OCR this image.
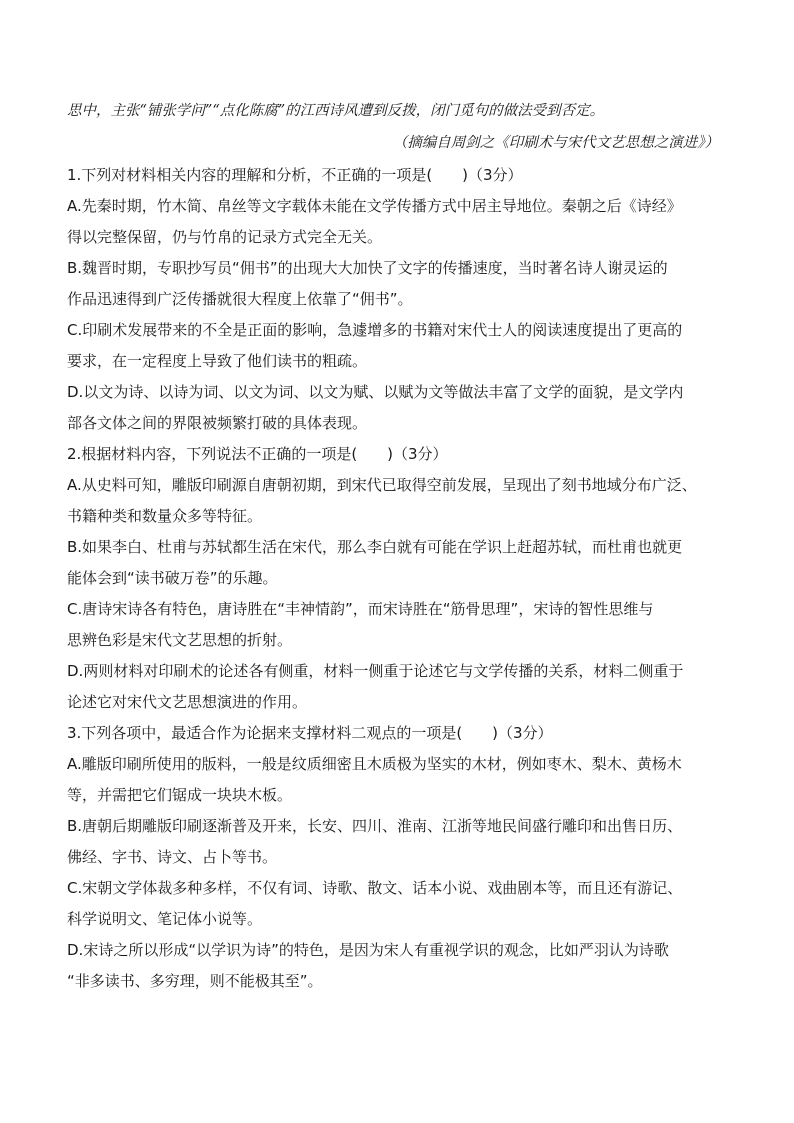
思中，主张“铺张学问”“点化陈腐”的江西诗风遭到反拨，闭门觅句的做法受到否定。
（摘编自周剑之《印刷术与宋代文艺思想之演进》）
1.下列对材料相关内容的理解和分析，不正确的一项是(　　)（3分）
A.先秦时期，竹木简、帛丝等文字载体未能在文学传播方式中居主导地位。秦朝之后《诗经》
得以完整保留，仍与竹帛的记录方式完全无关。
B.魏晋时期，专职抄写员“佣书”的出现大大加快了文字的传播速度，当时著名诗人谢灵运的
作品迅速得到广泛传播就很大程度上依靠了“佣书”。
C.印刷术发展带来的不全是正面的影响，急遽增多的书籍对宋代士人的阅读速度提出了更高的
要求，在一定程度上导致了他们读书的粗疏。
D.以文为诗、以诗为词、以文为词、以文为赋、以赋为文等做法丰富了文学的面貌，是文学内
部各文体之间的界限被频繁打破的具体表现。
2.根据材料内容，下列说法不正确的一项是(　　)（3分）
A.从史料可知，雕版印刷源自唐朝初期，到宋代已取得空前发展，呈现出了刻书地域分布广泛、
书籍种类和数量众多等特征。
B.如果李白、杜甫与苏轼都生活在宋代，那么李白就有可能在学识上赶超苏轼，而杜甫也就更
能体会到“读书破万卷”的乐趣。
C.唐诗宋诗各有特色，唐诗胜在“丰神情韵”，而宋诗胜在“筋骨思理”，宋诗的智性思维与
思辨色彩是宋代文艺思想的折射。
D.两则材料对印刷术的论述各有侧重，材料一侧重于论述它与文学传播的关系，材料二侧重于
论述它对宋代文艺思想演进的作用。
3.下列各项中，最适合作为论据来支撑材料二观点的一项是(　　)（3分）
A.雕版印刷所使用的版料，一般是纹质细密且木质极为坚实的木材，例如枣木、梨木、黄杨木
等，并需把它们锯成一块块木板。
B.唐朝后期雕版印刷逐渐普及开来，长安、四川、淮南、江浙等地民间盛行雕印和出售日历、
佛经、字书、诗文、占卜等书。
C.宋朝文学体裁多种多样，不仅有词、诗歌、散文、话本小说、戏曲剧本等，而且还有游记、
科学说明文、笔记体小说等。
D.宋诗之所以形成“以学识为诗”的特色，是因为宋人有重视学识的观念，比如严羽认为诗歌
“非多读书、多穷理，则不能极其至”。
